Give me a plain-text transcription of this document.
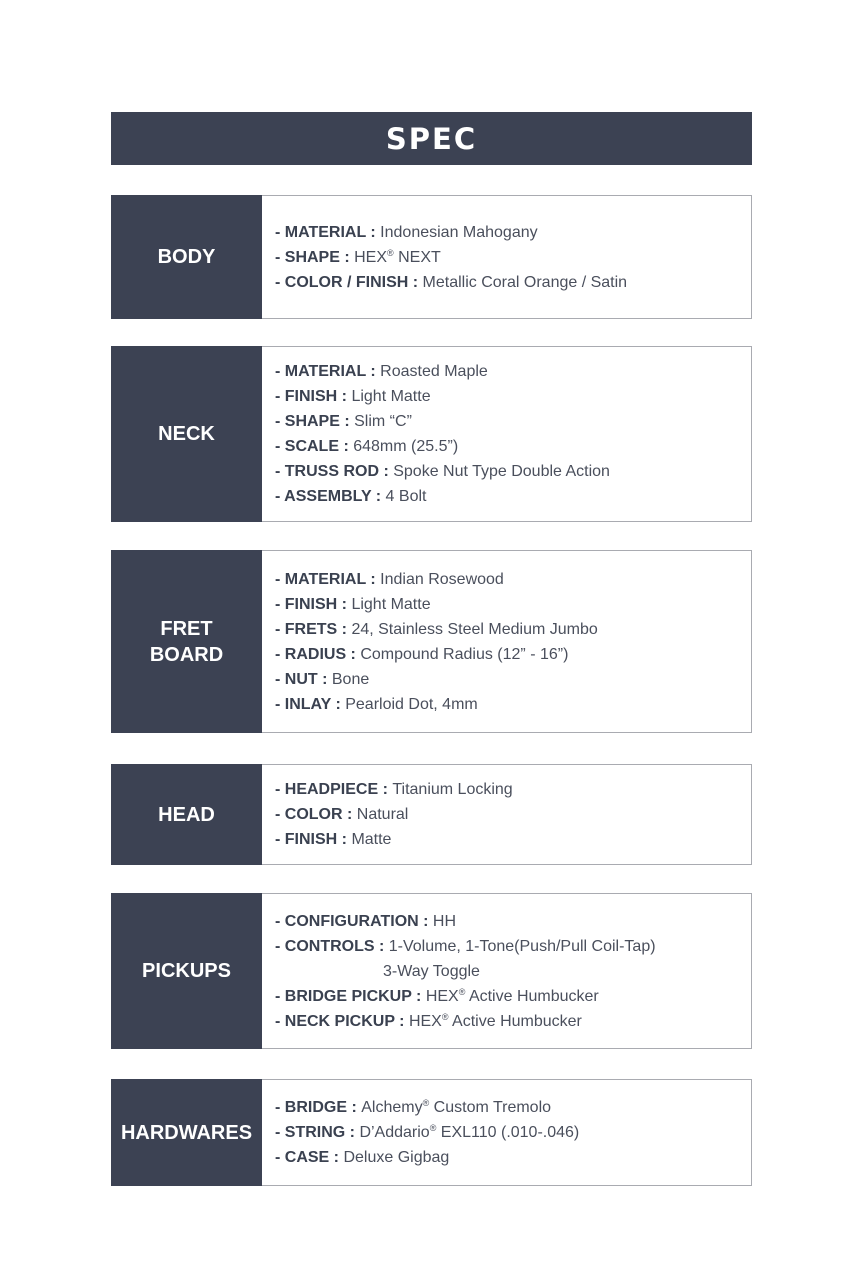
SPEC
BODY
- MATERIAL : Indonesian Mahogany
- SHAPE : HEX® NEXT
- COLOR / FINISH : Metallic Coral Orange / Satin
NECK
- MATERIAL : Roasted Maple
- FINISH : Light Matte
- SHAPE : Slim “C”
- SCALE : 648mm (25.5”)
- TRUSS ROD : Spoke Nut Type Double Action
- ASSEMBLY : 4 Bolt
FRET
BOARD
- MATERIAL : Indian Rosewood
- FINISH : Light Matte
- FRETS : 24, Stainless Steel Medium Jumbo
- RADIUS : Compound Radius (12” - 16”)
- NUT : Bone
- INLAY : Pearloid Dot, 4mm
HEAD
- HEADPIECE : Titanium Locking
- COLOR : Natural
- FINISH : Matte
PICKUPS
- CONFIGURATION : HH
- CONTROLS : 1-Volume, 1-Tone(Push/Pull Coil-Tap)
3-Way Toggle
- BRIDGE PICKUP : HEX® Active Humbucker
- NECK PICKUP : HEX® Active Humbucker
HARDWARES
- BRIDGE : Alchemy® Custom Tremolo
- STRING : D’Addario® EXL110 (.010-.046)
- CASE : Deluxe Gigbag
